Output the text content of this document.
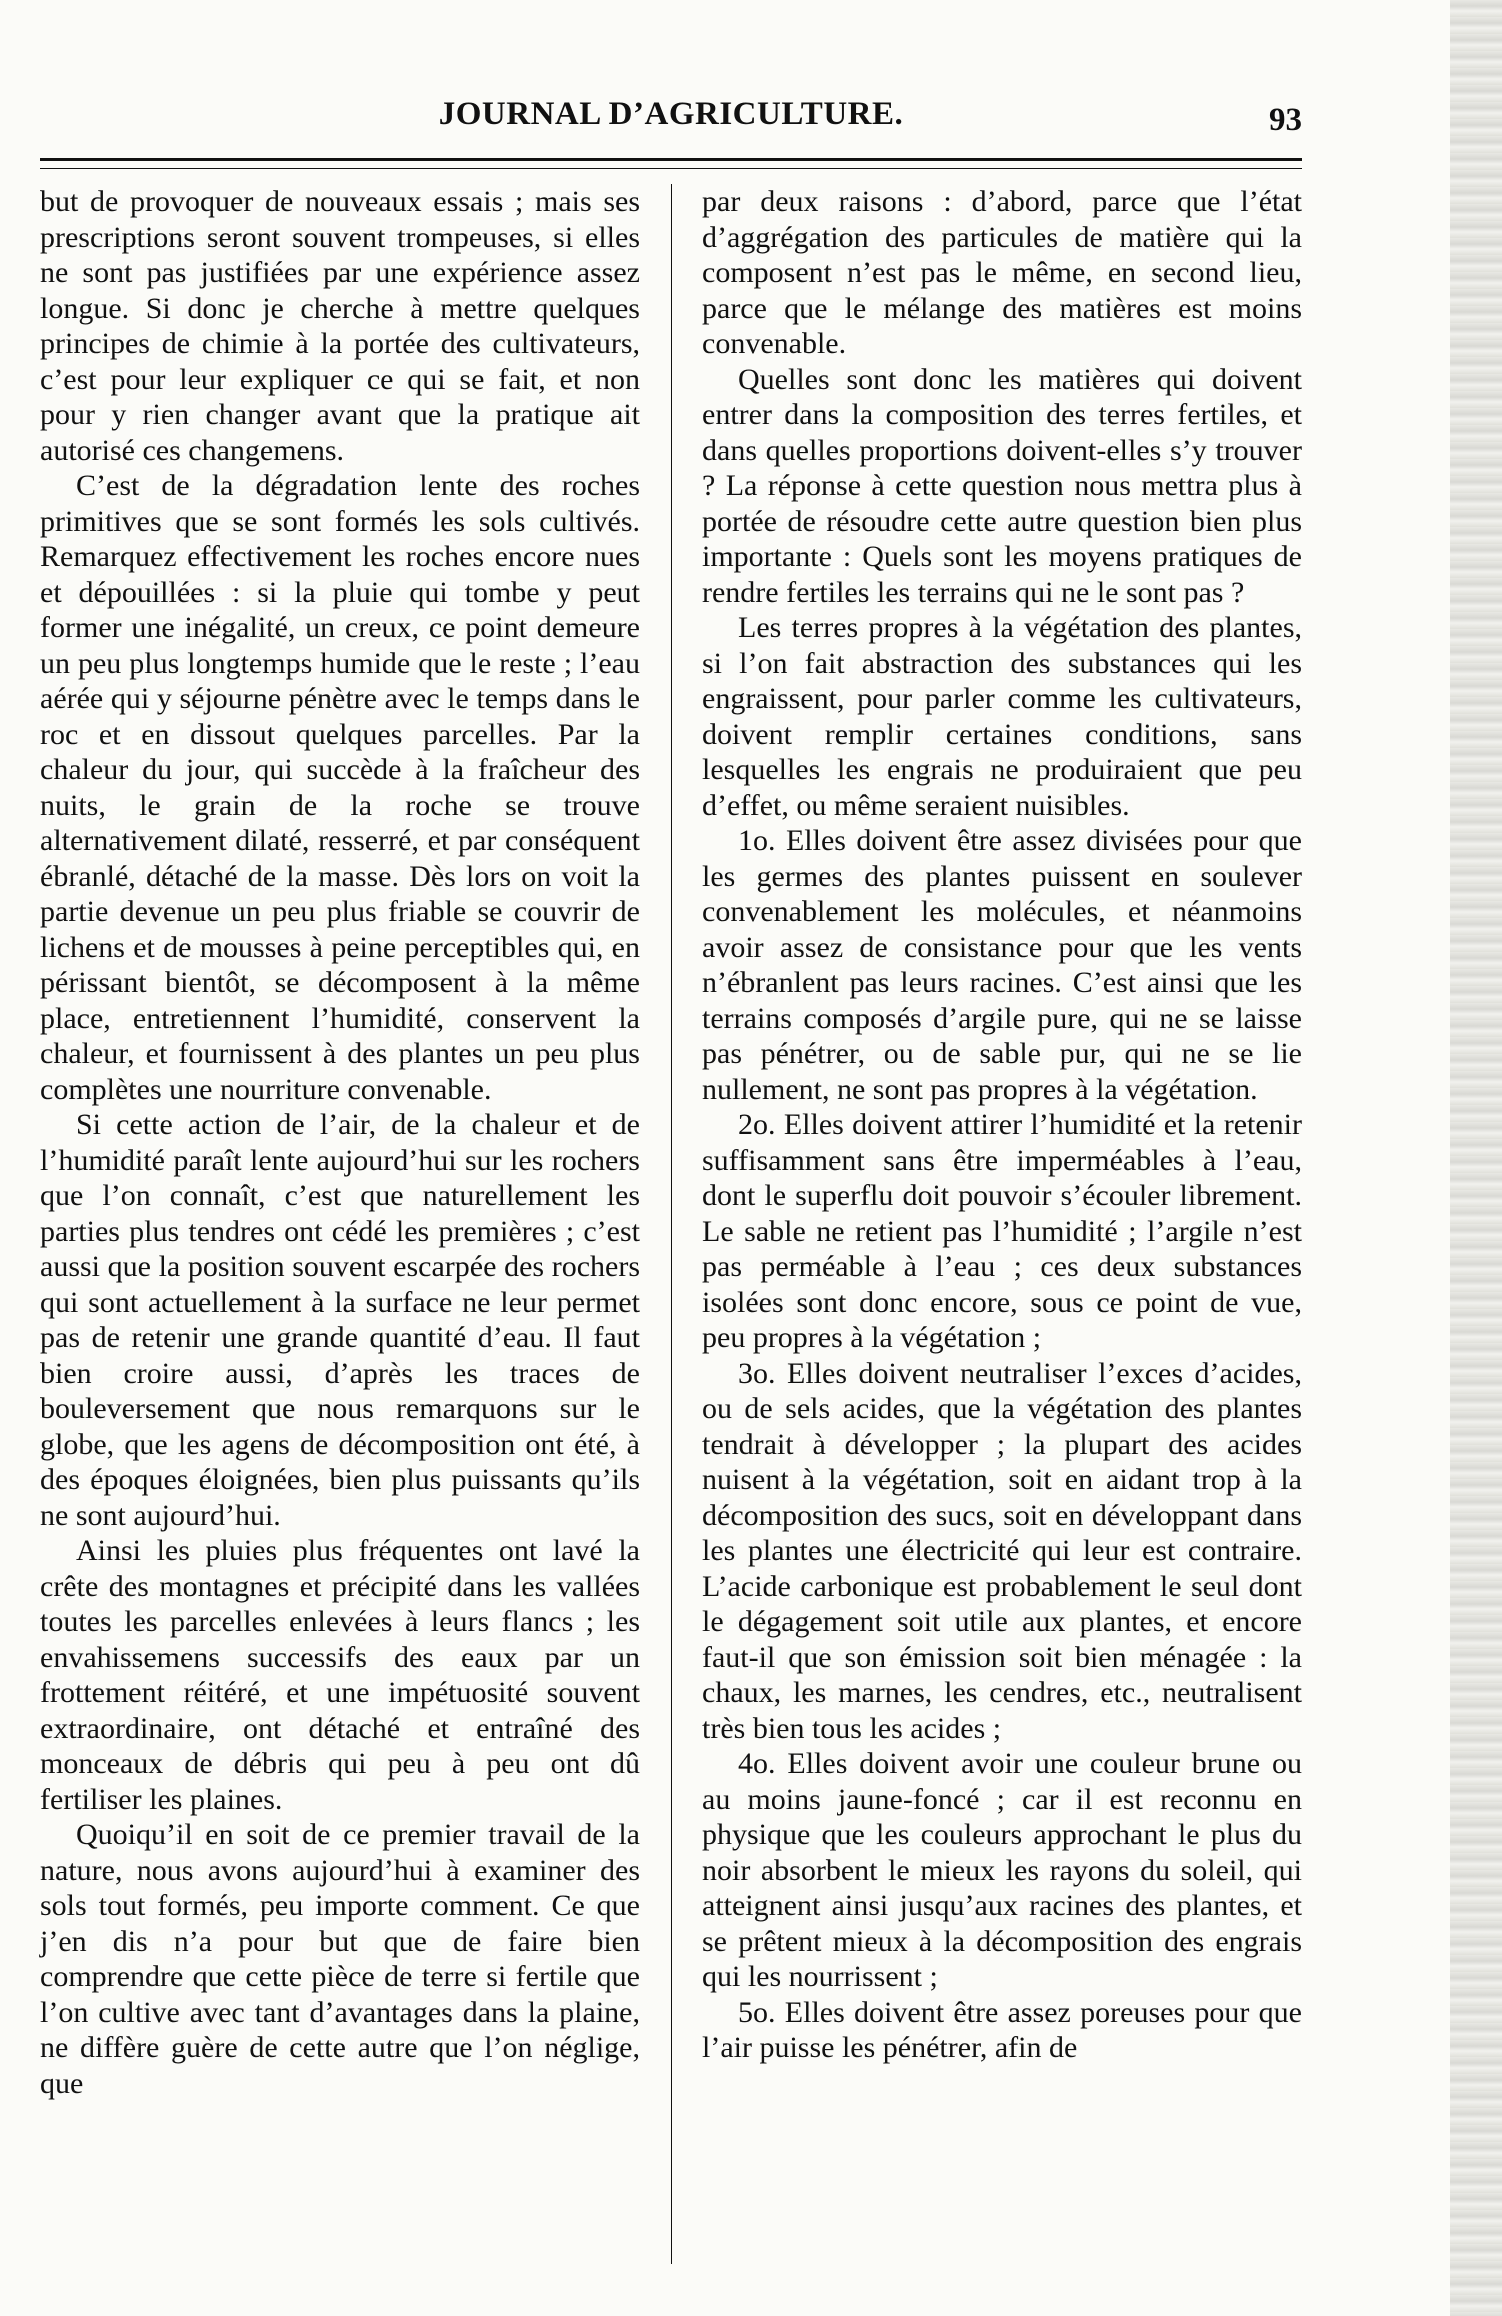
JOURNAL D’AGRICULTURE.	93

but de provoquer de nouveaux essais ; mais ses prescriptions seront souvent trompeuses, si elles ne sont pas justifiées par une expérience assez longue. Si donc je cherche à mettre quelques principes de chimie à la portée des cultivateurs, c’est pour leur expliquer ce qui se fait, et non pour y rien changer avant que la pratique ait autorisé ces changemens.

C’est de la dégradation lente des roches primitives que se sont formés les sols cultivés. Remarquez effectivement les roches encore nues et dépouillées : si la pluie qui tombe y peut former une inégalité, un creux, ce point demeure un peu plus longtemps humide que le reste ; l’eau aérée qui y séjourne pénètre avec le temps dans le roc et en dissout quelques parcelles. Par la chaleur du jour, qui succède à la fraîcheur des nuits, le grain de la roche se trouve alternativement dilaté, resserré, et par conséquent ébranlé, détaché de la masse. Dès lors on voit la partie devenue un peu plus friable se couvrir de lichens et de mousses à peine perceptibles qui, en périssant bientôt, se décomposent à la même place, entretiennent l’humidité, conservent la chaleur, et fournissent à des plantes un peu plus complètes une nourriture convenable.

Si cette action de l’air, de la chaleur et de l’humidité paraît lente aujourd’hui sur les rochers que l’on connaît, c’est que naturellement les parties plus tendres ont cédé les premières ; c’est aussi que la position souvent escarpée des rochers qui sont actuellement à la surface ne leur permet pas de retenir une grande quantité d’eau. Il faut bien croire aussi, d’après les traces de bouleversement que nous remarquons sur le globe, que les agens de décomposition ont été, à des époques éloignées, bien plus puissants qu’ils ne sont aujourd’hui.

Ainsi les pluies plus fréquentes ont lavé la crête des montagnes et précipité dans les vallées toutes les parcelles enlevées à leurs flancs ; les envahissemens successifs des eaux par un frottement réitéré, et une impétuosité souvent extraordinaire, ont détaché et entraîné des monceaux de débris qui peu à peu ont dû fertiliser les plaines.

Quoiqu’il en soit de ce premier travail de la nature, nous avons aujourd’hui à examiner des sols tout formés, peu importe comment. Ce que j’en dis n’a pour but que de faire bien comprendre que cette pièce de terre si fertile que l’on cultive avec tant d’avantages dans la plaine, ne diffère guère de cette autre que l’on néglige, que

par deux raisons : d’abord, parce que l’état d’aggrégation des particules de matière qui la composent n’est pas le même, en second lieu, parce que le mélange des matières est moins convenable.

Quelles sont donc les matières qui doivent entrer dans la composition des terres fertiles, et dans quelles proportions doivent-elles s’y trouver ? La réponse à cette question nous mettra plus à portée de résoudre cette autre question bien plus importante : Quels sont les moyens pratiques de rendre fertiles les terrains qui ne le sont pas ?

Les terres propres à la végétation des plantes, si l’on fait abstraction des substances qui les engraissent, pour parler comme les cultivateurs, doivent remplir certaines conditions, sans lesquelles les engrais ne produiraient que peu d’effet, ou même seraient nuisibles.

1o. Elles doivent être assez divisées pour que les germes des plantes puissent en soulever convenablement les molécules, et néanmoins avoir assez de consistance pour que les vents n’ébranlent pas leurs racines. C’est ainsi que les terrains composés d’argile pure, qui ne se laisse pas pénétrer, ou de sable pur, qui ne se lie nullement, ne sont pas propres à la végétation.

2o. Elles doivent attirer l’humidité et la retenir suffisamment sans être imperméables à l’eau, dont le superflu doit pouvoir s’écouler librement. Le sable ne retient pas l’humidité ; l’argile n’est pas perméable à l’eau ; ces deux substances isolées sont donc encore, sous ce point de vue, peu propres à la végétation ;

3o. Elles doivent neutraliser l’exces d’acides, ou de sels acides, que la végétation des plantes tendrait à développer ; la plupart des acides nuisent à la végétation, soit en aidant trop à la décomposition des sucs, soit en développant dans les plantes une électricité qui leur est contraire. L’acide carbonique est probablement le seul dont le dégagement soit utile aux plantes, et encore faut-il que son émission soit bien ménagée : la chaux, les marnes, les cendres, etc., neutralisent très bien tous les acides ;

4o. Elles doivent avoir une couleur brune ou au moins jaune-foncé ; car il est reconnu en physique que les couleurs approchant le plus du noir absorbent le mieux les rayons du soleil, qui atteignent ainsi jusqu’aux racines des plantes, et se prêtent mieux à la décomposition des engrais qui les nourrissent ;

5o. Elles doivent être assez poreuses pour que l’air puisse les pénétrer, afin de
